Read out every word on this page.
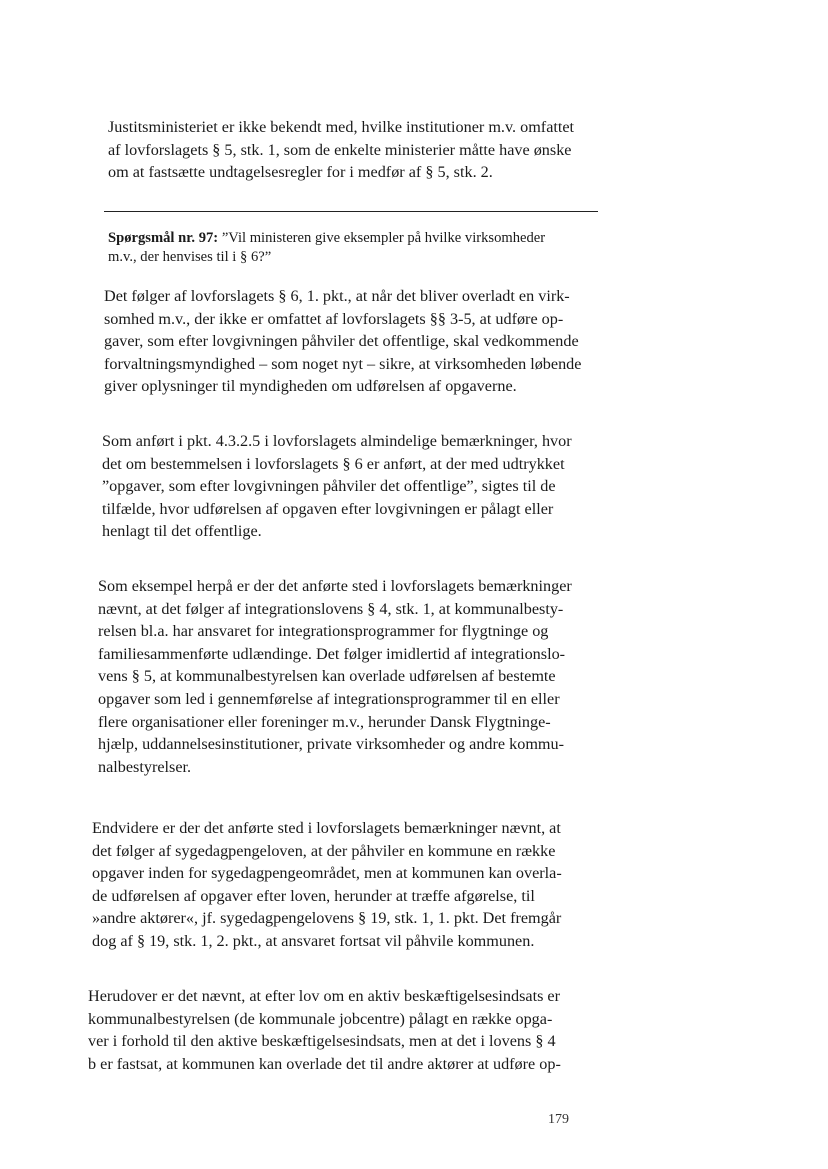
Justitsministeriet er ikke bekendt med, hvilke institutioner m.v. omfattet
af lovforslagets § 5, stk. 1, som de enkelte ministerier måtte have ønske
om at fastsætte undtagelsesregler for i medfør af § 5, stk. 2.
Spørgsmål nr. 97: ”Vil ministeren give eksempler på hvilke virksomheder
m.v., der henvises til i § 6?”
Det følger af lovforslagets § 6, 1. pkt., at når det bliver overladt en virk-
somhed m.v., der ikke er omfattet af lovforslagets §§ 3-5, at udføre op-
gaver, som efter lovgivningen påhviler det offentlige, skal vedkommende
forvaltningsmyndighed – som noget nyt – sikre, at virksomheden løbende
giver oplysninger til myndigheden om udførelsen af opgaverne.
Som anført i pkt. 4.3.2.5 i lovforslagets almindelige bemærkninger, hvor
det om bestemmelsen i lovforslagets § 6 er anført, at der med udtrykket
”opgaver, som efter lovgivningen påhviler det offentlige”, sigtes til de
tilfælde, hvor udførelsen af opgaven efter lovgivningen er pålagt eller
henlagt til det offentlige.
Som eksempel herpå er der det anførte sted i lovforslagets bemærkninger
nævnt, at det følger af integrationslovens § 4, stk. 1, at kommunalbesty-
relsen bl.a. har ansvaret for integrationsprogrammer for flygtninge og
familiesammenførte udlændinge. Det følger imidlertid af integrationslo-
vens § 5, at kommunalbestyrelsen kan overlade udførelsen af bestemte
opgaver som led i gennemførelse af integrationsprogrammer til en eller
flere organisationer eller foreninger m.v., herunder Dansk Flygtninge-
hjælp, uddannelsesinstitutioner, private virksomheder og andre kommu-
nalbestyrelser.
Endvidere er der det anførte sted i lovforslagets bemærkninger nævnt, at
det følger af sygedagpengeloven, at der påhviler en kommune en række
opgaver inden for sygedagpengeområdet, men at kommunen kan overla-
de udførelsen af opgaver efter loven, herunder at træffe afgørelse, til
»andre aktører«, jf. sygedagpengelovens § 19, stk. 1, 1. pkt. Det fremgår
dog af § 19, stk. 1, 2. pkt., at ansvaret fortsat vil påhvile kommunen.
Herudover er det nævnt, at efter lov om en aktiv beskæftigelsesindsats er
kommunalbestyrelsen (de kommunale jobcentre) pålagt en række opga-
ver i forhold til den aktive beskæftigelsesindsats, men at det i lovens § 4
b er fastsat, at kommunen kan overlade det til andre aktører at udføre op-
179
